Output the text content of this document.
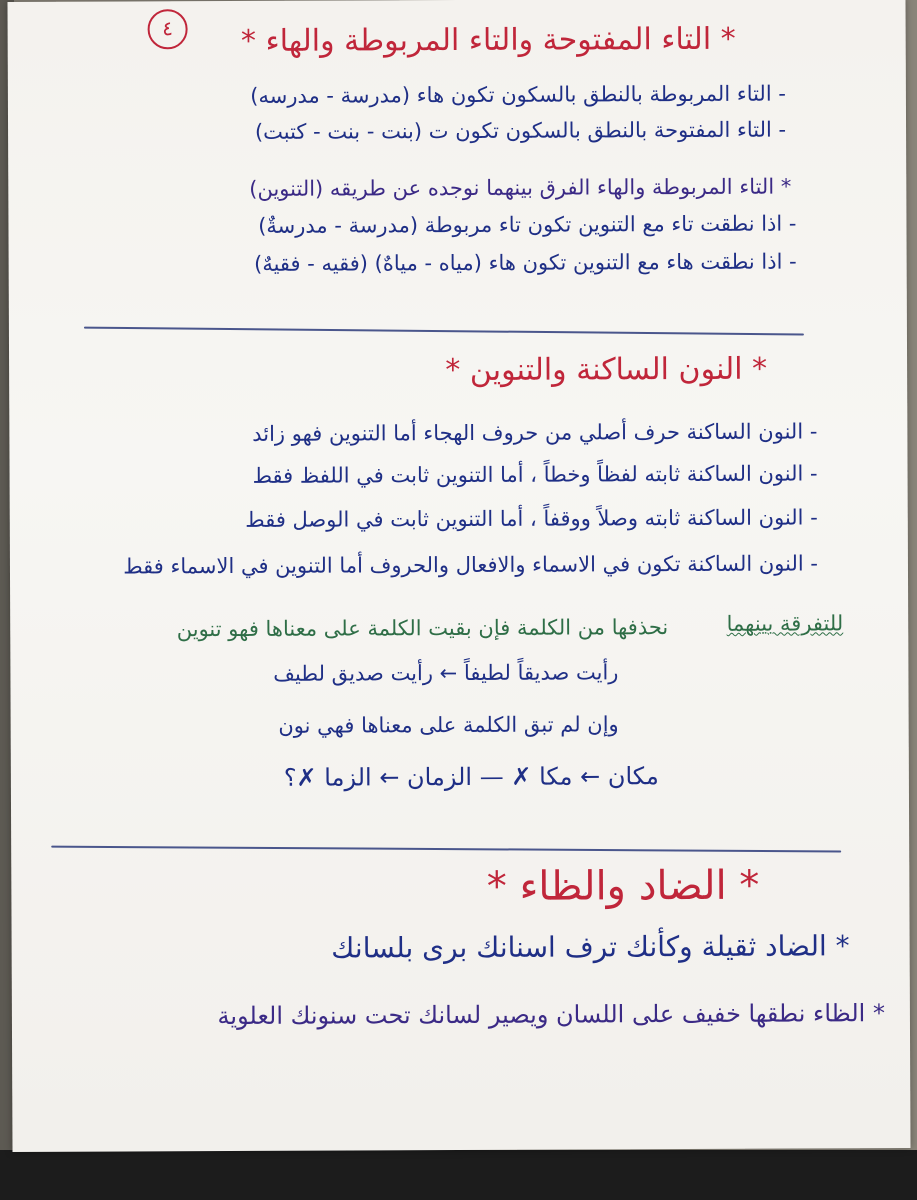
٤	* التاء المفتوحة والتاء المربوطة والهاء *
- التاء المربوطة بالنطق بالسكون تكون هاء (مدرسة - مدرسه)
- التاء المفتوحة بالنطق بالسكون تكون ت (بنت - بنت - كتبت)
* التاء المربوطة والهاء الفرق بينهما نوجده عن طريقه (التنوين)
- اذا نطقت تاء مع التنوين تكون تاء مربوطة (مدرسة - مدرسةٌ)
- اذا نطقت هاء مع التنوين تكون هاء (مياه - مياهٌ) (فقيه - فقيهٌ)
* النون الساكنة والتنوين *
- النون الساكنة حرف أصلي من حروف الهجاء أما التنوين فهو زائد
- النون الساكنة ثابته لفظاً وخطاً ، أما التنوين ثابت في اللفظ فقط
- النون الساكنة ثابته وصلاً ووقفاً ، أما التنوين ثابت في الوصل فقط
- النون الساكنة تكون في الاسماء والافعال والحروف أما التنوين في الاسماء فقط
للتفرقة بينهما
نحذفها من الكلمة فإن بقيت الكلمة على معناها فهو تنوين
رأيت صديقاً لطيفاً ← رأيت صديق لطيف
وإن لم تبق الكلمة على معناها فهي نون
مكان ← مكا ✗ — الزمان ← الزما ✗؟
* الضاد والظاء *
* الضاد ثقيلة وكأنك ترف اسنانك برى بلسانك
* الظاء نطقها خفيف على اللسان ويصير لسانك تحت سنونك العلوية
